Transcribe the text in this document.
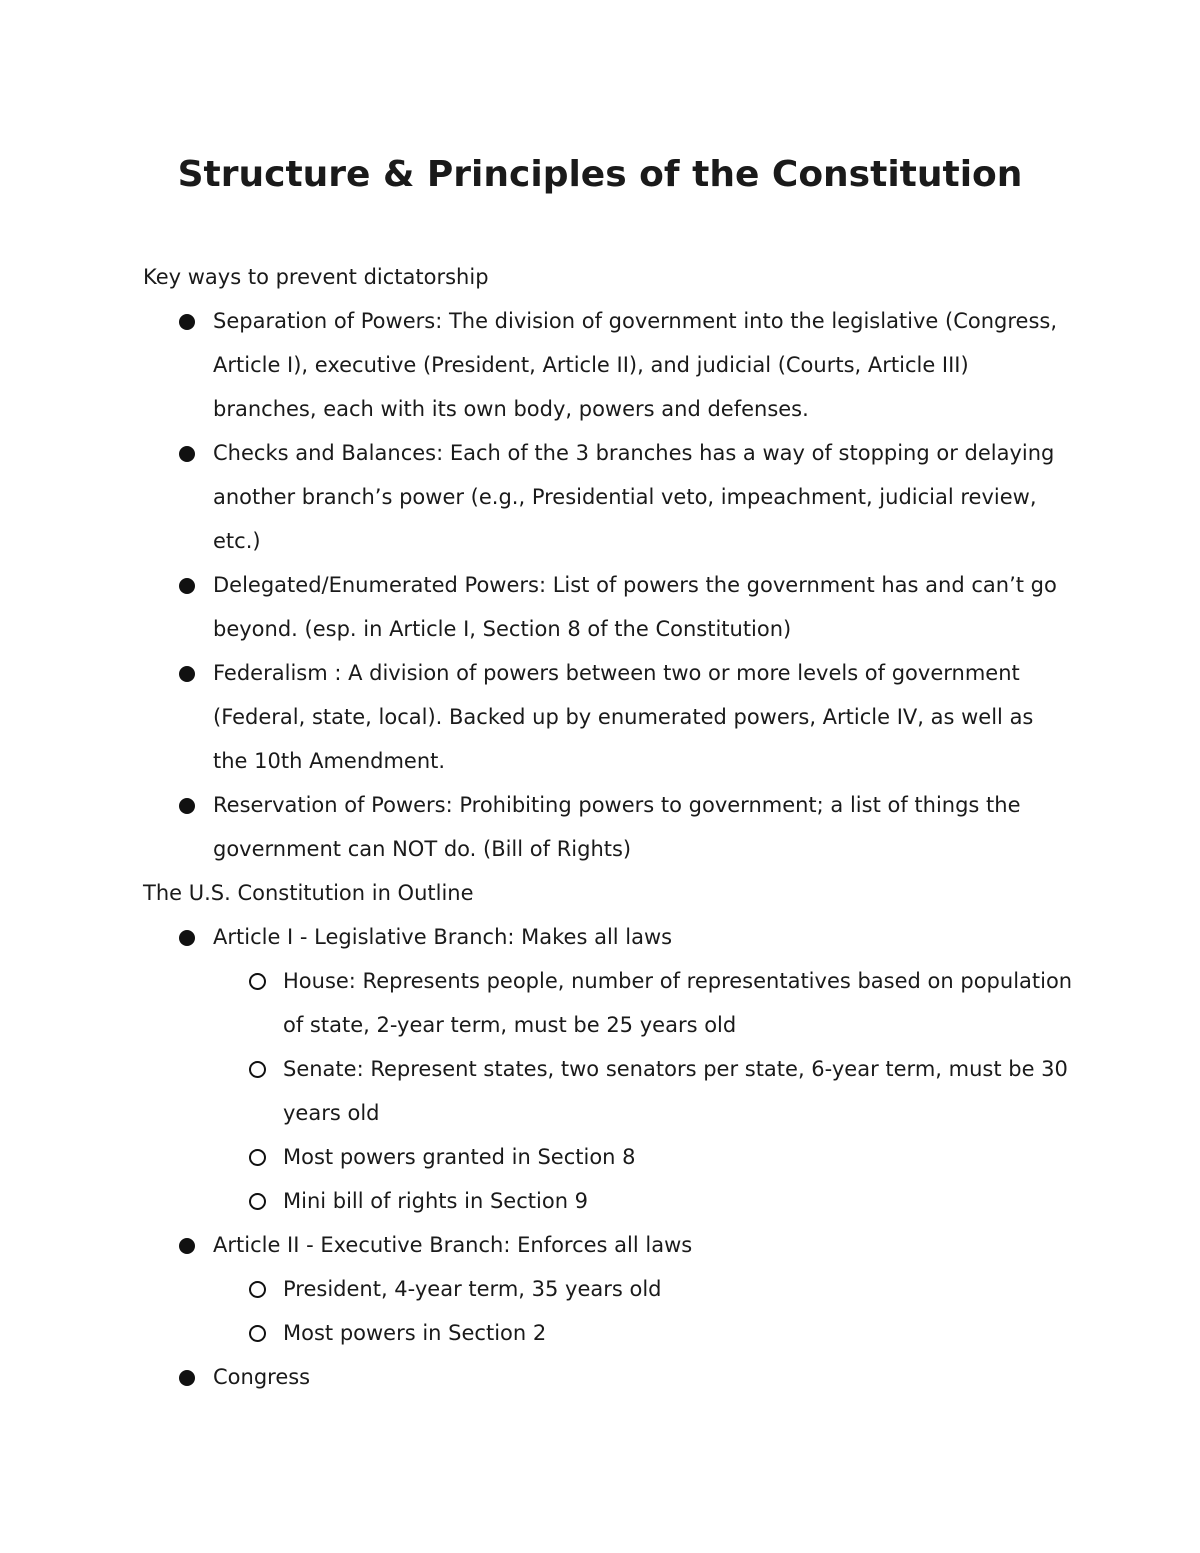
Structure & Principles of the Constitution
Key ways to prevent dictatorship
Separation of Powers: The division of government into the legislative (Congress, Article I), executive (President, Article II), and judicial (Courts, Article III) branches, each with its own body, powers and defenses.
Checks and Balances: Each of the 3 branches has a way of stopping or delaying another branch’s power (e.g., Presidential veto, impeachment, judicial review, etc.)
Delegated/Enumerated Powers: List of powers the government has and can’t go beyond. (esp. in Article I, Section 8 of the Constitution)
Federalism : A division of powers between two or more levels of government (Federal, state, local). Backed up by enumerated powers, Article IV, as well as the 10th Amendment.
Reservation of Powers: Prohibiting powers to government; a list of things the government can NOT do. (Bill of Rights)
The U.S. Constitution in Outline
Article I - Legislative Branch: Makes all laws
House: Represents people, number of representatives based on population of state, 2-year term, must be 25 years old
Senate: Represent states, two senators per state, 6-year term, must be 30 years old
Most powers granted in Section 8
Mini bill of rights in Section 9
Article II - Executive Branch: Enforces all laws
President, 4-year term, 35 years old
Most powers in Section 2
Congress
